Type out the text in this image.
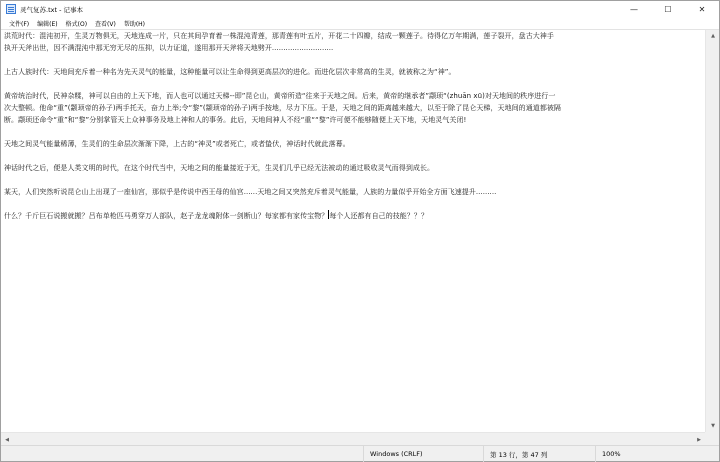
灵气复苏.txt - 记事本	—	☐	✕
文件(F)	编辑(E)	格式(O)	查看(V)	帮助(H)
洪荒时代：混沌初开，生灵万物俱无，天地连成一片，只在其间孕育着一株混沌青莲，那青莲有叶五片，开花二十四瓣，结成一颗莲子。待得亿万年期满，莲子裂开，盘古大神手
执开天斧出世，因不满混沌中那无穷无尽的压抑，以力证道，遂用那开天斧将天地劈开...........................
上古人族时代：天地间充斥着一种名为先天灵气的能量，这种能量可以让生命得到更高层次的进化。而进化层次非常高的生灵，就被称之为“神”。
黄帝统治时代，民神杂糅，神可以自由的上天下地，而人也可以通过天梯--即”昆仑山，黄帝所造“往来于天地之间。后来，黄帝的继承者”颛顼“(zhuān xū)对天地间的秩序进行一
次大整顿。他命“重”(颛顼帝的孙子)两手托天，奋力上举;令“黎”(颛顼帝的孙子)两手按地，尽力下压。于是，天地之间的距离越来越大，以至于除了昆仑天梯，天地间的通道都被隔
断。颛顼还命令“重”和“黎”分别掌管天上众神事务及地上神和人的事务。此后，天地间神人不经“重““黎”许可便不能够随便上天下地，天地灵气关闭!
天地之间灵气能量稀薄，生灵们的生命层次渐渐下降，上古的“神灵”或者死亡，或者蛰伏，神话时代就此落幕。
神话时代之后，便是人类文明的时代，在这个时代当中，天地之间的能量接近于无，生灵们几乎已经无法被动的通过吸收灵气而得到成长。
某天，人们突然听说昆仑山上出现了一座仙宫，那似乎是传说中西王母的仙宫......天地之间又突然充斥着灵气能量，人族的力量似乎开始全方面飞速提升.........
什么？千斤巨石说搬就搬？吕布单枪匹马勇穿万人部队，赵子龙龙魂附体一剑断山？每家都有家传宝物？每个人还都有自己的技能？？？
▲
▼
◀	▶
Windows (CRLF)	第 13 行，第 47 列	100%
